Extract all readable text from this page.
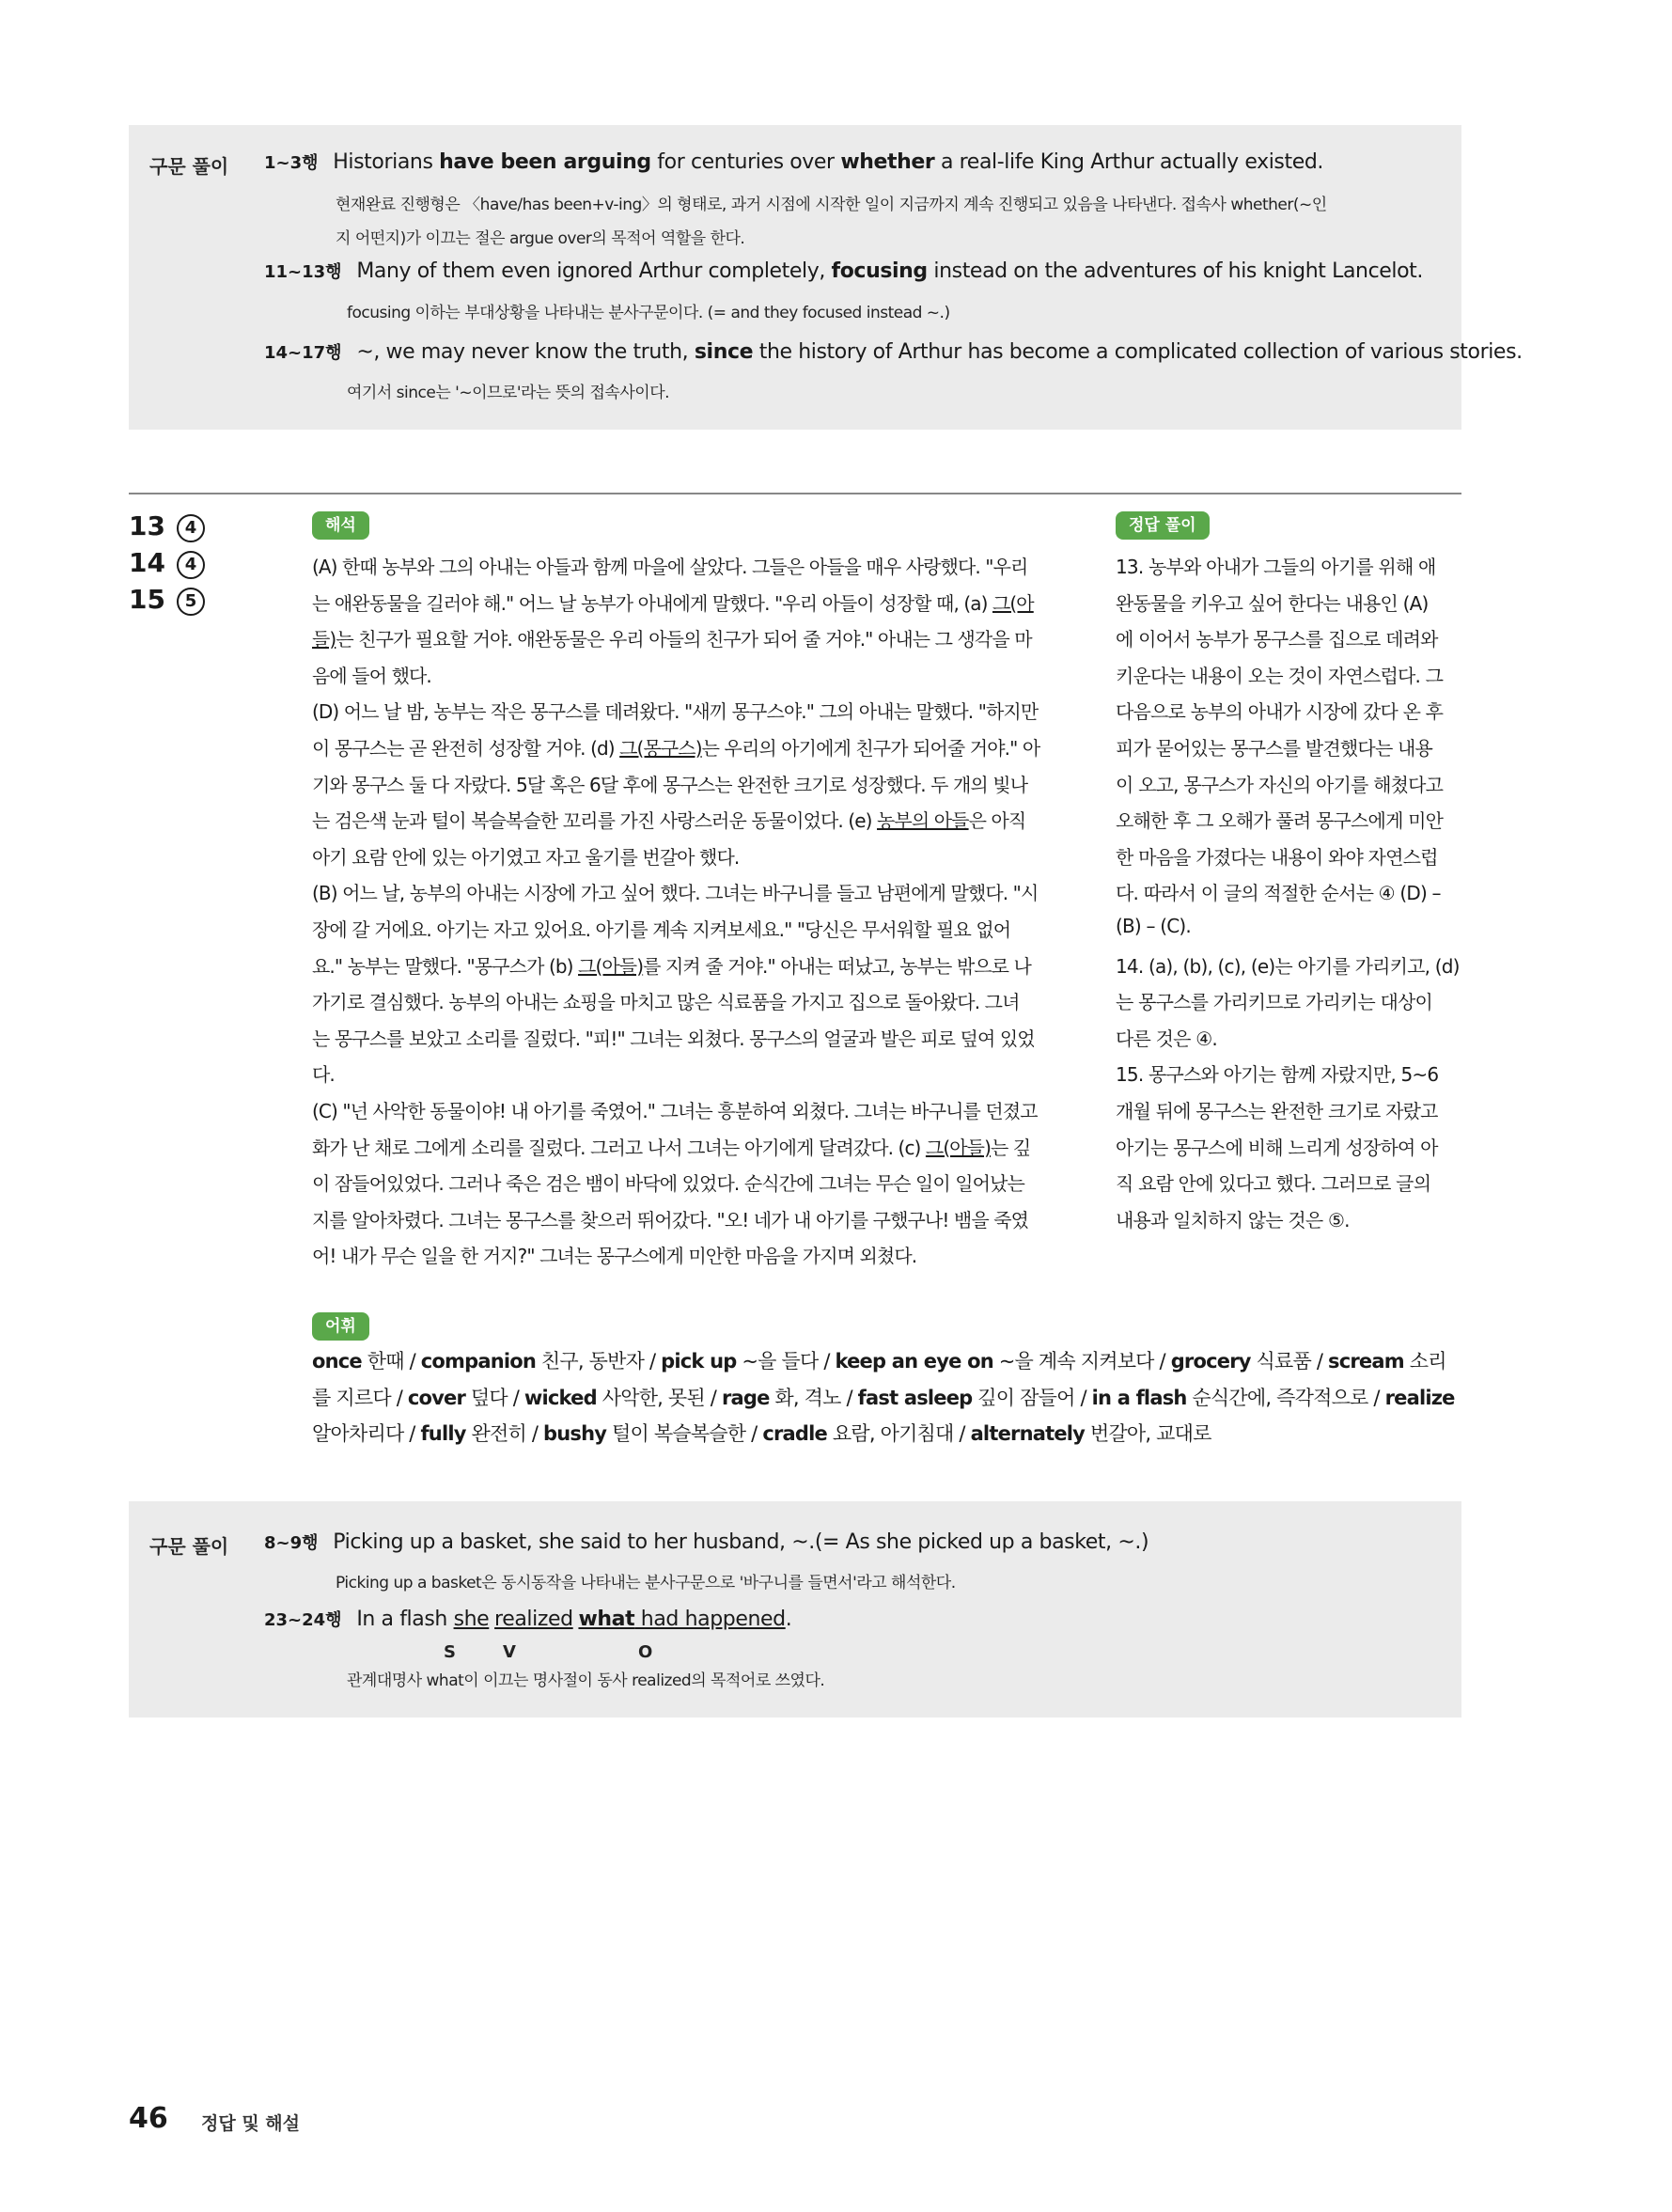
구문 풀이 1~3행 Historians have been arguing for centuries over whether a real-life King Arthur actually existed.
현재완료 진행형은 〈have/has been+v-ing〉의 형태로, 과거 시점에 시작한 일이 지금까지 계속 진행되고 있음을 나타낸다. 접속사 whether(~인
지 어떤지)가 이끄는 절은 argue over의 목적어 역할을 한다.
11~13행 Many of them even ignored Arthur completely, focusing instead on the adventures of his knight Lancelot.
focusing 이하는 부대상황을 나타내는 분사구문이다. (= and they focused instead ~.)
14~17행 ~, we may never know the truth, since the history of Arthur has become a complicated collection of various stories.
여기서 since는 '~이므로'라는 뜻의 접속사이다.
13 4
14 4
15 5
해석
(A) 한때 농부와 그의 아내는 아들과 함께 마을에 살았다. 그들은 아들을 매우 사랑했다. "우리
는 애완동물을 길러야 해." 어느 날 농부가 아내에게 말했다. "우리 아들이 성장할 때, (a) 그(아
들)는 친구가 필요할 거야. 애완동물은 우리 아들의 친구가 되어 줄 거야." 아내는 그 생각을 마
음에 들어 했다.
(D) 어느 날 밤, 농부는 작은 몽구스를 데려왔다. "새끼 몽구스야." 그의 아내는 말했다. "하지만
이 몽구스는 곧 완전히 성장할 거야. (d) 그(몽구스)는 우리의 아기에게 친구가 되어줄 거야." 아
기와 몽구스 둘 다 자랐다. 5달 혹은 6달 후에 몽구스는 완전한 크기로 성장했다. 두 개의 빛나
는 검은색 눈과 털이 복슬복슬한 꼬리를 가진 사랑스러운 동물이었다. (e) 농부의 아들은 아직
아기 요람 안에 있는 아기였고 자고 울기를 번갈아 했다.
(B) 어느 날, 농부의 아내는 시장에 가고 싶어 했다. 그녀는 바구니를 들고 남편에게 말했다. "시
장에 갈 거에요. 아기는 자고 있어요. 아기를 계속 지켜보세요." "당신은 무서워할 필요 없어
요." 농부는 말했다. "몽구스가 (b) 그(아들)를 지켜 줄 거야." 아내는 떠났고, 농부는 밖으로 나
가기로 결심했다. 농부의 아내는 쇼핑을 마치고 많은 식료품을 가지고 집으로 돌아왔다. 그녀
는 몽구스를 보았고 소리를 질렀다. "피!" 그녀는 외쳤다. 몽구스의 얼굴과 발은 피로 덮여 있었
다.
(C) "넌 사악한 동물이야! 내 아기를 죽였어." 그녀는 흥분하여 외쳤다. 그녀는 바구니를 던졌고
화가 난 채로 그에게 소리를 질렀다. 그러고 나서 그녀는 아기에게 달려갔다. (c) 그(아들)는 깊
이 잠들어있었다. 그러나 죽은 검은 뱀이 바닥에 있었다. 순식간에 그녀는 무슨 일이 일어났는
지를 알아차렸다. 그녀는 몽구스를 찾으러 뛰어갔다. "오! 네가 내 아기를 구했구나! 뱀을 죽였
어! 내가 무슨 일을 한 거지?" 그녀는 몽구스에게 미안한 마음을 가지며 외쳤다.
정답 풀이
13. 농부와 아내가 그들의 아기를 위해 애
완동물을 키우고 싶어 한다는 내용인 (A)
에 이어서 농부가 몽구스를 집으로 데려와
키운다는 내용이 오는 것이 자연스럽다. 그
다음으로 농부의 아내가 시장에 갔다 온 후
피가 묻어있는 몽구스를 발견했다는 내용
이 오고, 몽구스가 자신의 아기를 해쳤다고
오해한 후 그 오해가 풀려 몽구스에게 미안
한 마음을 가졌다는 내용이 와야 자연스럽
다. 따라서 이 글의 적절한 순서는 ④ (D) –
(B) – (C).
14. (a), (b), (c), (e)는 아기를 가리키고, (d)
는 몽구스를 가리키므로 가리키는 대상이
다른 것은 ④.
15. 몽구스와 아기는 함께 자랐지만, 5~6
개월 뒤에 몽구스는 완전한 크기로 자랐고
아기는 몽구스에 비해 느리게 성장하여 아
직 요람 안에 있다고 했다. 그러므로 글의
내용과 일치하지 않는 것은 ⑤.
어휘
once 한때 / companion 친구, 동반자 / pick up ~을 들다 / keep an eye on ~을 계속 지켜보다 / grocery 식료품 / scream 소리
를 지르다 / cover 덮다 / wicked 사악한, 못된 / rage 화, 격노 / fast asleep 깊이 잠들어 / in a flash 순식간에, 즉각적으로 / realize
알아차리다 / fully 완전히 / bushy 털이 복슬복슬한 / cradle 요람, 아기침대 / alternately 번갈아, 교대로
구문 풀이 8~9행 Picking up a basket, she said to her husband, ~.(= As she picked up a basket, ~.)
Picking up a basket은 동시동작을 나타내는 분사구문으로 '바구니를 들면서'라고 해석한다.
23~24행 In a flash she realized what had happened.
S	V	O
관계대명사 what이 이끄는 명사절이 동사 realized의 목적어로 쓰였다.
46 정답 및 해설
